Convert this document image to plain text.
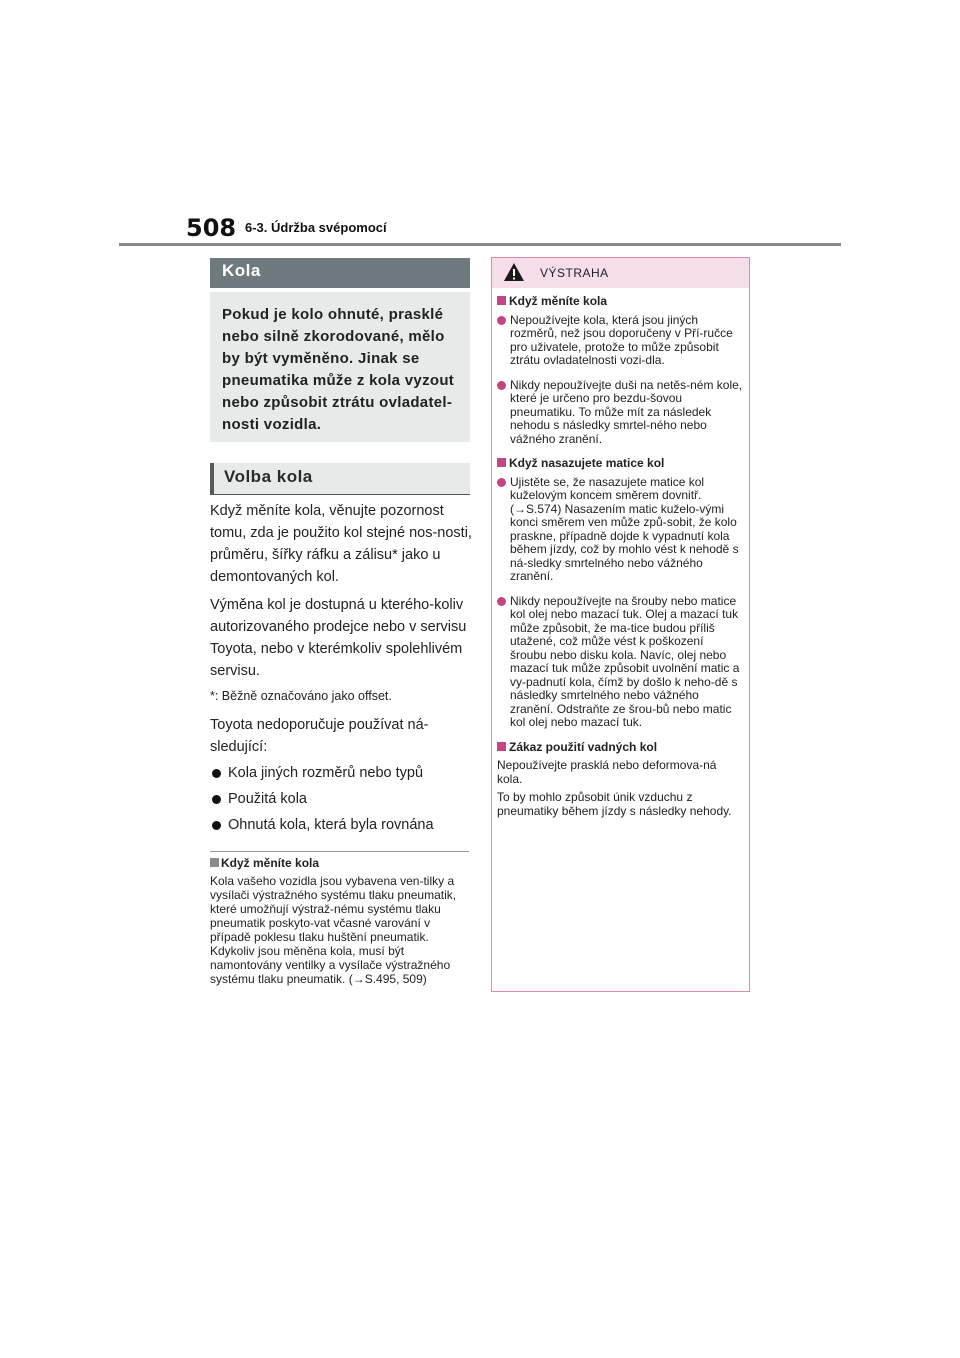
508 6-3. Údržba svépomocí
Kola
Pokud je kolo ohnuté, prasklé nebo silně zkorodované, mělo by být vyměněno. Jinak se pneumatika může z kola vyzout nebo způsobit ztrátu ovladatel-nosti vozidla.
Volba kola

Když měníte kola, věnujte pozornost tomu, zda je použito kol stejné nos-nosti, průměru, šířky ráfku a zálisu* jako u demontovaných kol.

Výměna kol je dostupná u kterého-koliv autorizovaného prodejce nebo v servisu Toyota, nebo v kterémkoliv spolehlivém servisu.

*: Běžně označováno jako offset.

Toyota nedoporučuje používat ná-sledující:

Kola jiných rozměrů nebo typů
Použitá kola
Ohnutá kola, která byla rovnána
Když měníte kola
Kola vašeho vozidla jsou vybavena ven-tilky a vysílači výstražného systému tlaku pneumatik, které umožňují výstraž-nému systému tlaku pneumatik poskyto-vat včasné varování v případě poklesu tlaku huštění pneumatik. Kdykoliv jsou měněna kola, musí být namontovány ventilky a vysílače výstražného systému tlaku pneumatik. (→S.495, 509)
VÝSTRAHA
Když měníte kola
Nepoužívejte kola, která jsou jiných rozměrů, než jsou doporučeny v Pří-ručce pro uživatele, protože to může způsobit ztrátu ovladatelnosti vozi-dla.
Nikdy nepoužívejte duši na netěs-ném kole, které je určeno pro bezdu-šovou pneumatiku. To může mít za následek nehodu s následky smrtel-ného nebo vážného zranění.
Když nasazujete matice kol
Ujistěte se, že nasazujete matice kol kuželovým koncem směrem dovnitř. (→S.574) Nasazením matic kuželo-vými konci směrem ven může způ-sobit, že kolo praskne, případně dojde k vypadnutí kola během jízdy, což by mohlo vést k nehodě s ná-sledky smrtelného nebo vážného zranění.
Nikdy nepoužívejte na šrouby nebo matice kol olej nebo mazací tuk. Olej a mazací tuk může způsobit, že ma-tice budou příliš utažené, což může vést k poškození šroubu nebo disku kola. Navíc, olej nebo mazací tuk může způsobit uvolnění matic a vy-padnutí kola, čímž by došlo k neho-dě s následky smrtelného nebo vážného zranění. Odstraňte ze šrou-bů nebo matic kol olej nebo mazací tuk.
Zákaz použití vadných kol

Nepoužívejte prasklá nebo deformova-ná kola.

To by mohlo způsobit únik vzduchu z pneumatiky během jízdy s následky nehody.
